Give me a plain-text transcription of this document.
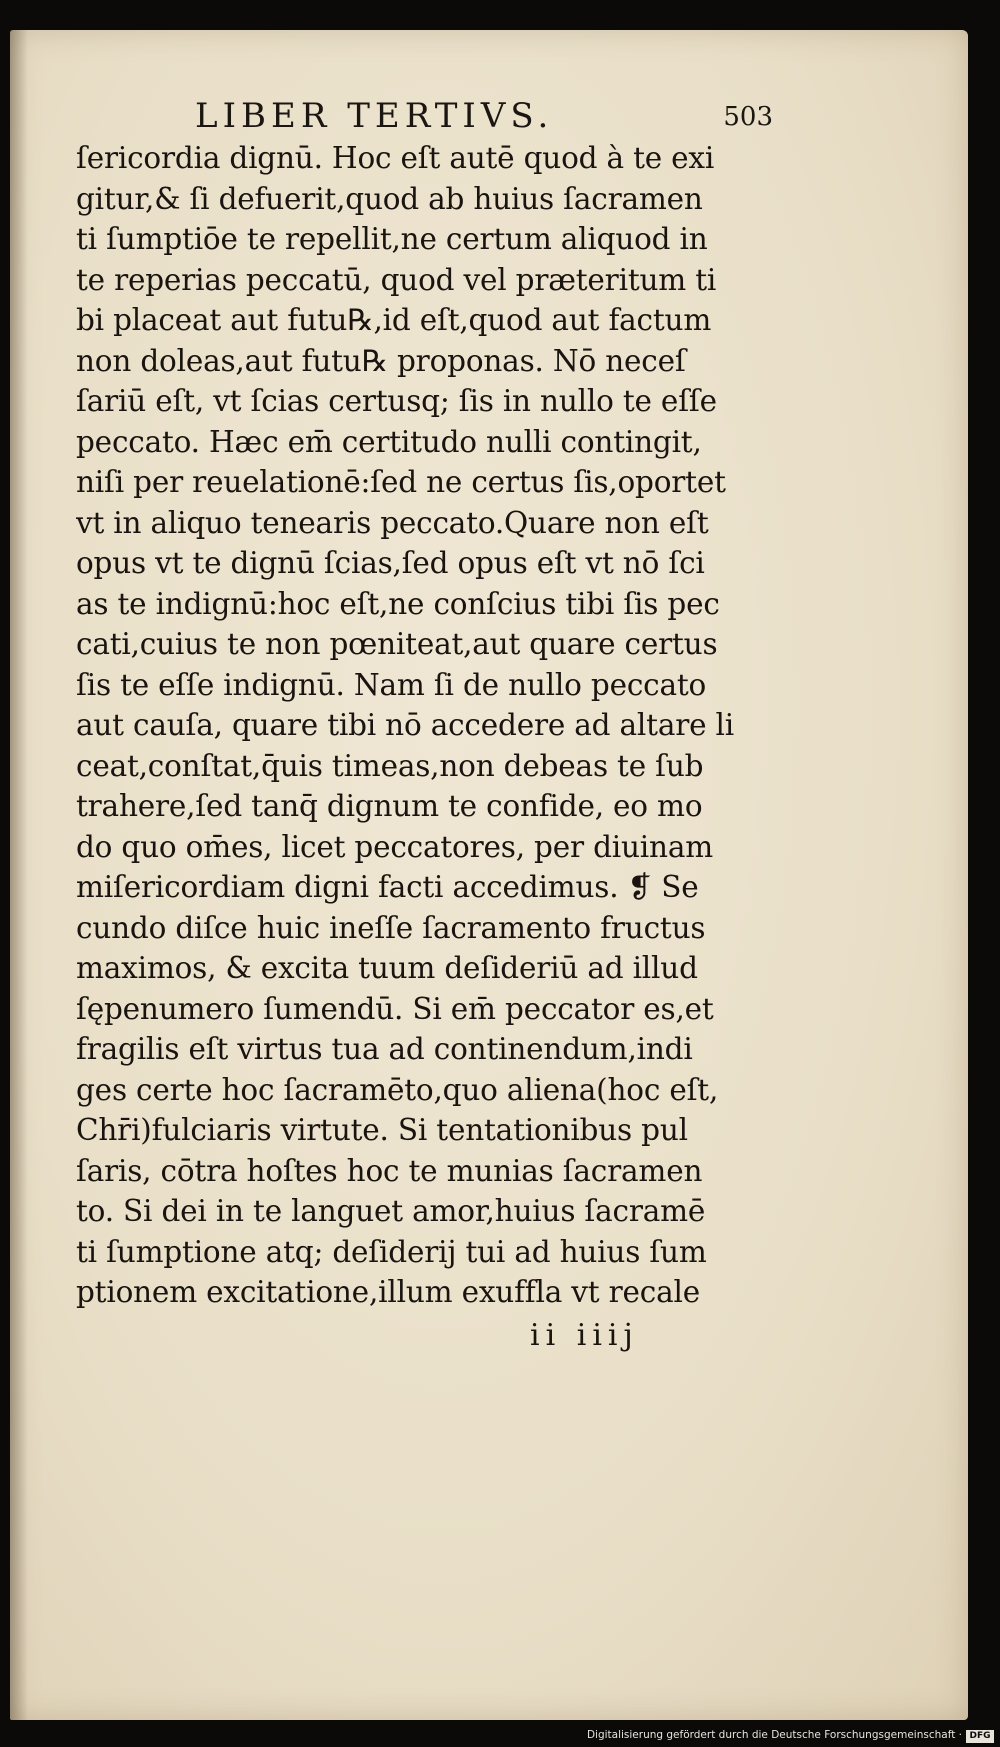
LIBER TERTIVS.	503
ſericordia dignū. Hoc eſt autē quod à te exi
gitur,& ſi defuerit,quod ab huius ſacramen
ti ſumptiōe te repellit,ne certum aliquod in
te reperias peccatū, quod vel præteritum ti
bi placeat aut futu℞,id eſt,quod aut factum
non doleas,aut futu℞ proponas. Nō neceſ
ſariū eſt, vt ſcias certusq; ſis in nullo te eſſe
peccato. Hæc em̄ certitudo nulli contingit,
niſi per reuelationē:ſed ne certus ſis,oportet
vt in aliquo tenearis peccato.Quare non eſt
opus vt te dignū ſcias,ſed opus eſt vt nō ſci
as te indignū:hoc eſt,ne conſcius tibi ſis pec
cati,cuius te non pœniteat,aut quare certus
ſis te eſſe indignū. Nam ſi de nullo peccato
aut cauſa, quare tibi nō accedere ad altare li
ceat,conſtat,q̄uis timeas,non debeas te ſub
trahere,ſed tanq̄ dignum te confide, eo mo
do quo om̄es, licet peccatores, per diuinam
miſericordiam digni facti accedimus. ❡ Se
cundo diſce huic ineſſe ſacramento fructus
maximos, & excita tuum deſideriū ad illud
ſępenumero ſumendū. Si em̄ peccator es,et
fragilis eſt virtus tua ad continendum,indi
ges certe hoc ſacramēto,quo aliena(hoc eſt,
Chr̄i)fulciaris virtute. Si tentationibus pul
ſaris, cōtra hoſtes hoc te munias ſacramen
to. Si dei in te languet amor,huius ſacramē
ti ſumptione atq; deſiderij tui ad huius ſum
ptionem excitatione,illum exuffla vt recale
ii iiij
Digitalisierung gefördert durch die Deutsche Forschungsgemeinschaft · DFG
